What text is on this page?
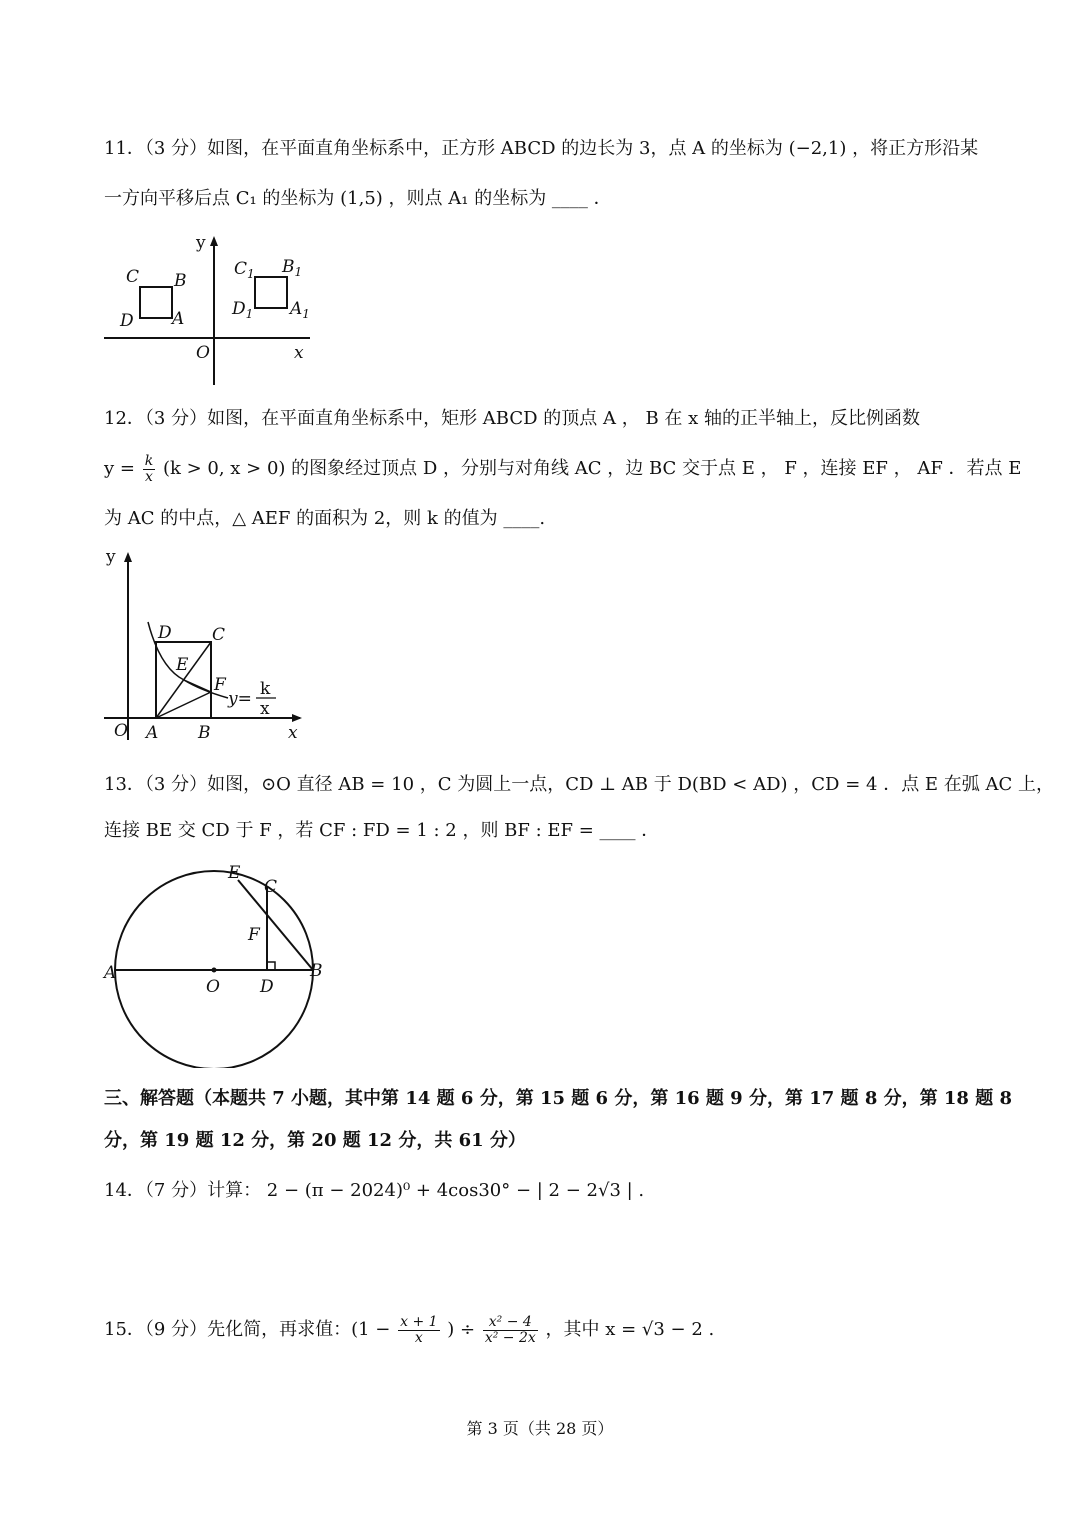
11．（3 分）如图，在平面直角坐标系中，正方形 ABCD 的边长为 3，点 A 的坐标为 (−2,1) ，将正方形沿某
一方向平移后点 C₁ 的坐标为 (1,5) ，则点 A₁ 的坐标为 ____ ．
y
C B
D A
$C_1$ $B_1$
$D_1$ $A_1$
O	x
12．（3 分）如图，在平面直角坐标系中，矩形 ABCD 的顶点 A ， B 在 x 轴的正半轴上，反比例函数
$y = \frac{k}{x} (k > 0$, x > 0) 的图象经过顶点 D ，分别与对角线 AC ，边 BC 交于点 E ， F ，连接 EF ， AF ．若点 E
为 AC 的中点，△ AEF 的面积为 2，则 k 的值为 ____.
y
D C
E
F
y= k
x
O A B	x
13．（3 分）如图，⊙O 直径 AB = 10 ，C 为圆上一点，CD ⊥ AB 于 D(BD < AD) ，CD = 4 ．点 E 在弧 AC 上，
连接 BE 交 CD 于 F ，若 CF : FD = 1 : 2 ，则 BF : EF = ____ ．
E
C
F
A
O D
B
三、解答题（本题共 7 小题，其中第 14 题 6 分，第 15 题 6 分，第 16 题 9 分，第 17 题 8 分，第 18 题 8
分，第 19 题 12 分，第 20 题 12 分，共 61 分）
14．（7 分）计算： 2 − (π − 2024)⁰ + 4cos30° − | 2 − 2√3 | .
15．（9 分）先化简，再求值：($1 - \frac{x + 1}{x}$ ) ÷ $\frac{\text{x² − 4}}{\text{x² − 2x}}$ ，其中 x = √3 − 2 .
第 3 页（共 28 页）
